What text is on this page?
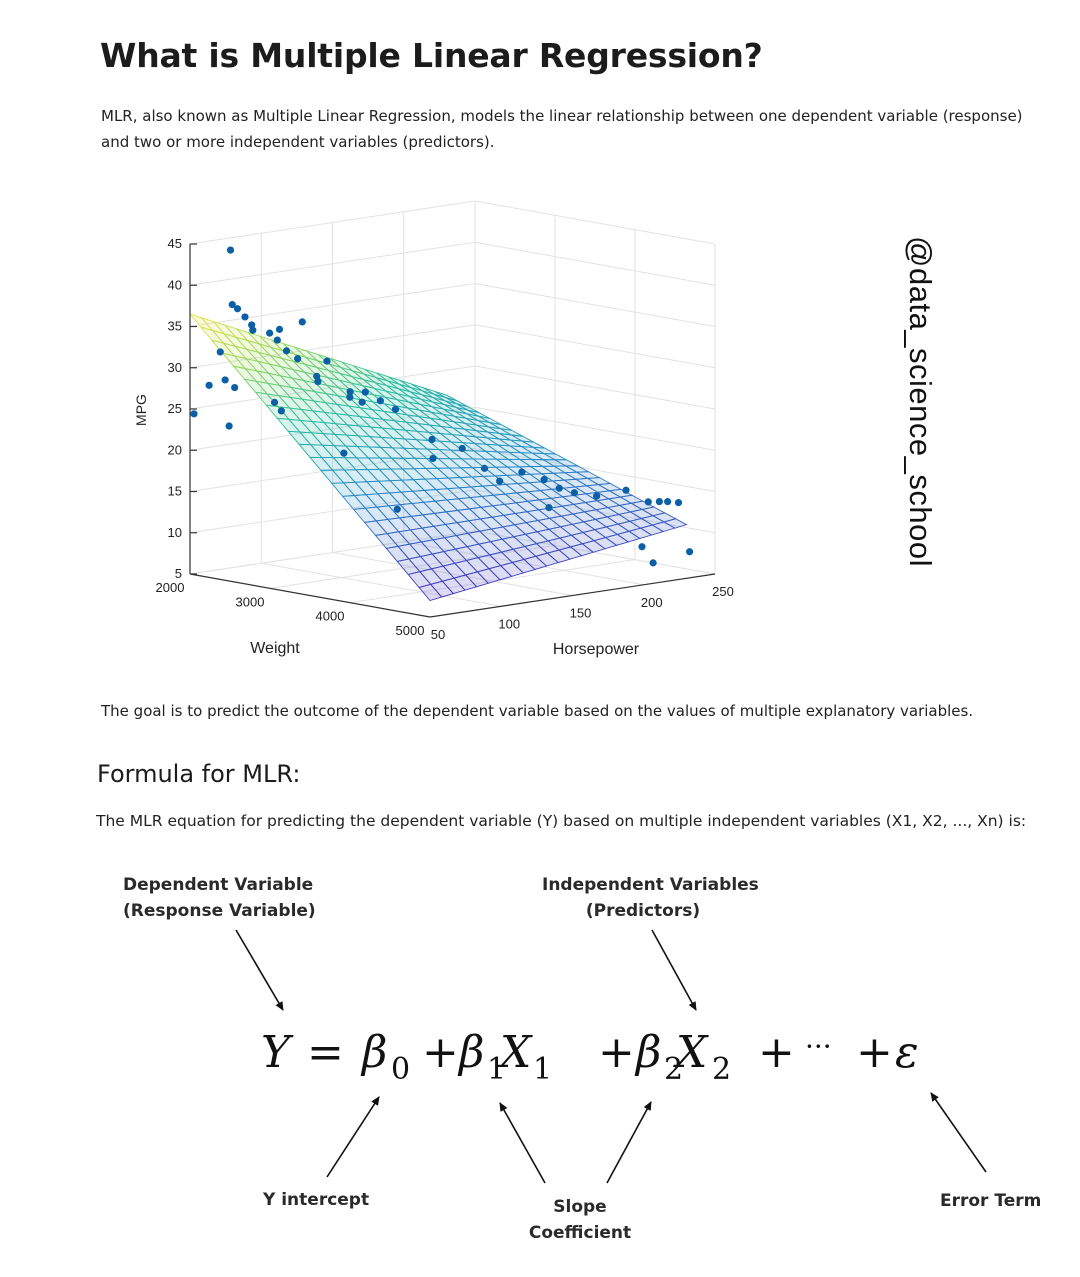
What is Multiple Linear Regression?
MLR, also known as Multiple Linear Regression, models the linear relationship between one dependent variable (response) and two or more independent variables (predictors).
5
10
15
20
25
30
35
40
45
2000
3000
4000
5000 50
100
150
200
250
MPG
Weight	Horsepower
@data_science_school
The goal is to predict the outcome of the dependent variable based on the values of multiple explanatory variables.
Formula for MLR:
The MLR equation for predicting the dependent variable (Y) based on multiple independent variables (X1, X2, ..., Xn) is:
Dependent Variable
(Response Variable)
Independent Variables
(Predictors)
Y intercept	Slope
Coefficient
Error Term
Y β β X β X	ε
= +	+	+ +
···
0	1 1	2 2
